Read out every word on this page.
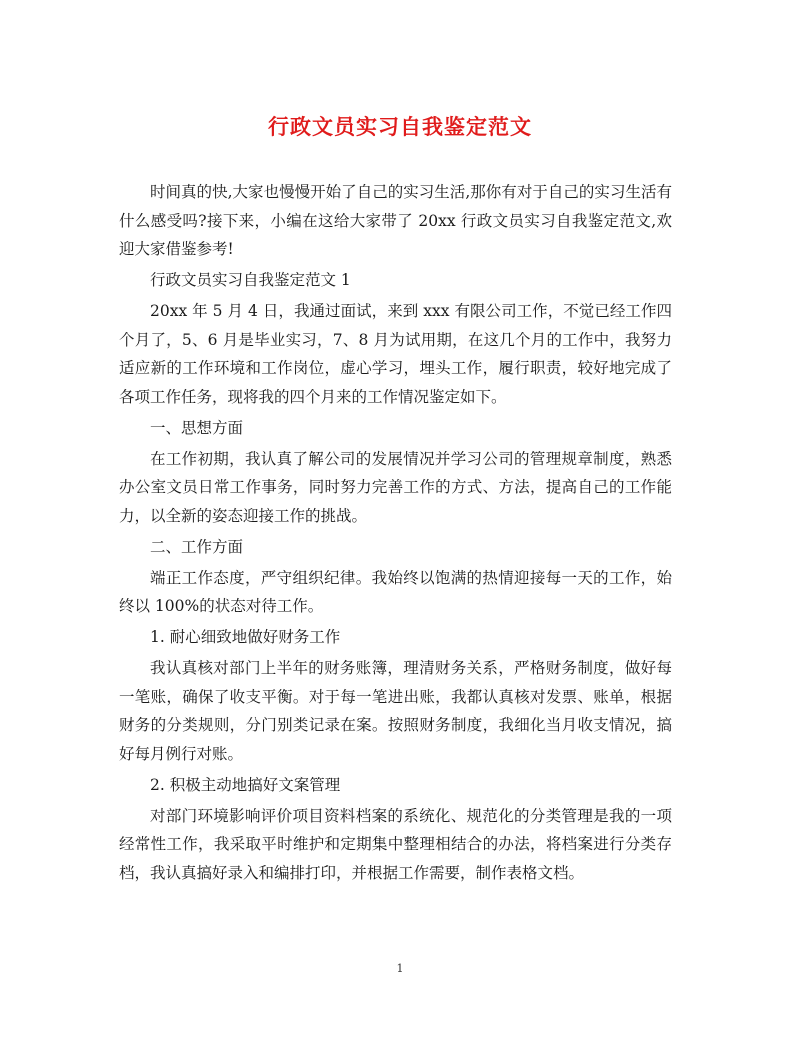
行政文员实习自我鉴定范文

时间真的快,大家也慢慢开始了自己的实习生活,那你有对于自己的实习生活有什么感受吗?接下来，小编在这给大家带了 20xx 行政文员实习自我鉴定范文,欢迎大家借鉴参考!

行政文员实习自我鉴定范文 1

20xx 年 5 月 4 日，我通过面试，来到 xxx 有限公司工作，不觉已经工作四个月了，5、6 月是毕业实习，7、8 月为试用期，在这几个月的工作中，我努力适应新的工作环境和工作岗位，虚心学习，埋头工作，履行职责，较好地完成了各项工作任务，现将我的四个月来的工作情况鉴定如下。

一、思想方面

在工作初期，我认真了解公司的发展情况并学习公司的管理规章制度，熟悉办公室文员日常工作事务，同时努力完善工作的方式、方法，提高自己的工作能力，以全新的姿态迎接工作的挑战。

二、工作方面

端正工作态度，严守组织纪律。我始终以饱满的热情迎接每一天的工作，始终以 100%的状态对待工作。

1. 耐心细致地做好财务工作

我认真核对部门上半年的财务账簿，理清财务关系，严格财务制度，做好每一笔账，确保了收支平衡。对于每一笔进出账，我都认真核对发票、账单，根据财务的分类规则，分门别类记录在案。按照财务制度，我细化当月收支情况，搞好每月例行对账。

2. 积极主动地搞好文案管理

对部门环境影响评价项目资料档案的系统化、规范化的分类管理是我的一项经常性工作，我采取平时维护和定期集中整理相结合的办法，将档案进行分类存档，我认真搞好录入和编排打印，并根据工作需要，制作表格文档。

1
